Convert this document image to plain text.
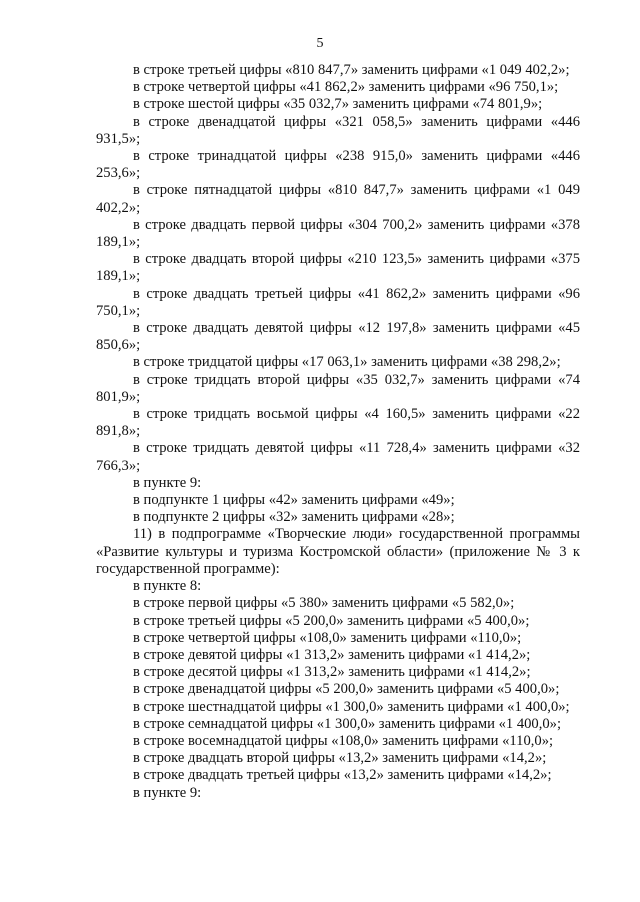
5

в строке третьей цифры «810 847,7» заменить цифрами «1 049 402,2»;

в строке четвертой цифры «41 862,2» заменить цифрами «96 750,1»;

в строке шестой цифры «35 032,7» заменить цифрами «74 801,9»;

в строке двенадцатой цифры «321 058,5» заменить цифрами «446 931,5»;

в строке тринадцатой цифры «238 915,0» заменить цифрами «446 253,6»;

в строке пятнадцатой цифры «810 847,7» заменить цифрами «1 049 402,2»;

в строке двадцать первой цифры «304 700,2» заменить цифрами «378 189,1»;

в строке двадцать второй цифры «210 123,5» заменить цифрами «375 189,1»;

в строке двадцать третьей цифры «41 862,2» заменить цифрами «96 750,1»;

в строке двадцать девятой цифры «12 197,8» заменить цифрами «45 850,6»;

в строке тридцатой цифры «17 063,1» заменить цифрами «38 298,2»;

в строке тридцать второй цифры «35 032,7» заменить цифрами «74 801,9»;

в строке тридцать восьмой цифры «4 160,5» заменить цифрами «22 891,8»;

в строке тридцать девятой цифры «11 728,4» заменить цифрами «32 766,3»;

в пункте 9:

в подпункте 1 цифры «42» заменить цифрами «49»;

в подпункте 2 цифры «32» заменить цифрами «28»;

11) в подпрограмме «Творческие люди» государственной программы «Развитие культуры и туризма Костромской области» (приложение № 3 к государственной программе):

в пункте 8:

в строке первой цифры «5 380» заменить цифрами «5 582,0»;

в строке третьей цифры «5 200,0» заменить цифрами «5 400,0»;

в строке четвертой цифры «108,0» заменить цифрами «110,0»;

в строке девятой цифры «1 313,2» заменить цифрами «1 414,2»;

в строке десятой цифры «1 313,2» заменить цифрами «1 414,2»;

в строке двенадцатой цифры «5 200,0» заменить цифрами «5 400,0»;

в строке шестнадцатой цифры «1 300,0» заменить цифрами «1 400,0»;

в строке семнадцатой цифры «1 300,0» заменить цифрами «1 400,0»;

в строке восемнадцатой цифры «108,0» заменить цифрами «110,0»;

в строке двадцать второй цифры «13,2» заменить цифрами «14,2»;

в строке двадцать третьей цифры «13,2» заменить цифрами «14,2»;

в пункте 9:
